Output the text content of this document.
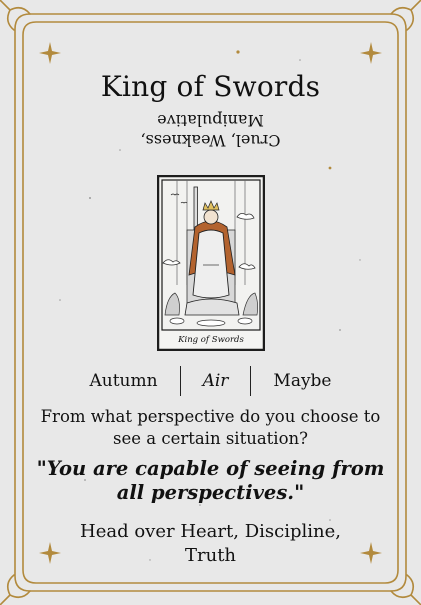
King of Swords
Cruel, Weakness,
Manipulative
King of Swords
Autumn	Air	Maybe
From what perspective do you choose to see a certain situation?
"You are capable of seeing from all perspectives."
Head over Heart, Discipline,
Truth
